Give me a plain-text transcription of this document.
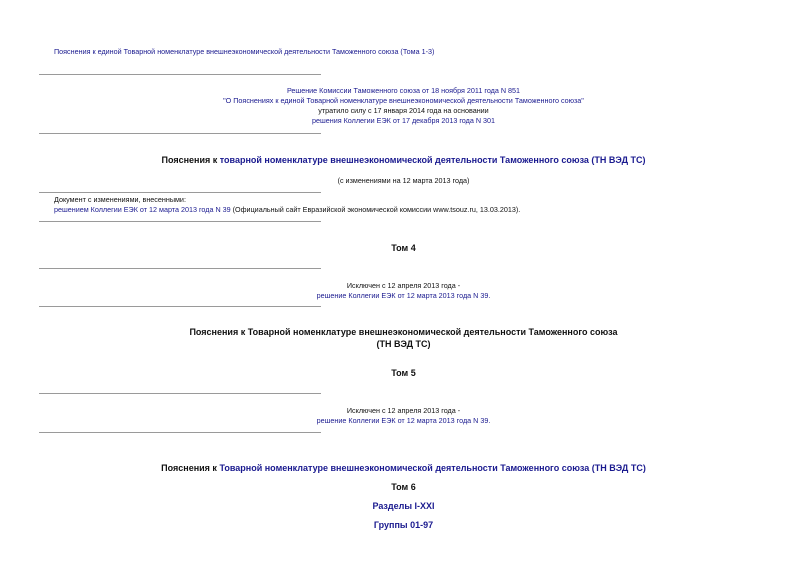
Пояснения к единой Товарной номенклатуре внешнеэкономической деятельности Таможенного союза (Тома 1-3)
Решение Комиссии Таможенного союза от 18 ноября 2011 года N 851
"О Пояснениях к единой Товарной номенклатуре внешнеэкономической деятельности Таможенного союза"
утратило силу с 17 января 2014 года на основании
решения Коллегии ЕЭК от 17 декабря 2013 года N 301
Пояснения к товарной номенклатуре внешнеэкономической деятельности Таможенного союза (ТН ВЭД ТС)
(с изменениями на 12 марта 2013 года)
Документ с изменениями, внесенными:
решением Коллегии ЕЭК от 12 марта 2013 года N 39 (Официальный сайт Евразийской экономической комиссии www.tsouz.ru, 13.03.2013).
Том 4
Исключен с 12 апреля 2013 года -
решение Коллегии ЕЭК от 12 марта 2013 года N 39.
Пояснения к Товарной номенклатуре внешнеэкономической деятельности Таможенного союза
(ТН ВЭД ТС)
Том 5
Исключен с 12 апреля 2013 года -
решение Коллегии ЕЭК от 12 марта 2013 года N 39.
Пояснения к Товарной номенклатуре внешнеэкономической деятельности Таможенного союза (ТН ВЭД ТС)
Том 6
Разделы I-XXI
Группы 01-97
